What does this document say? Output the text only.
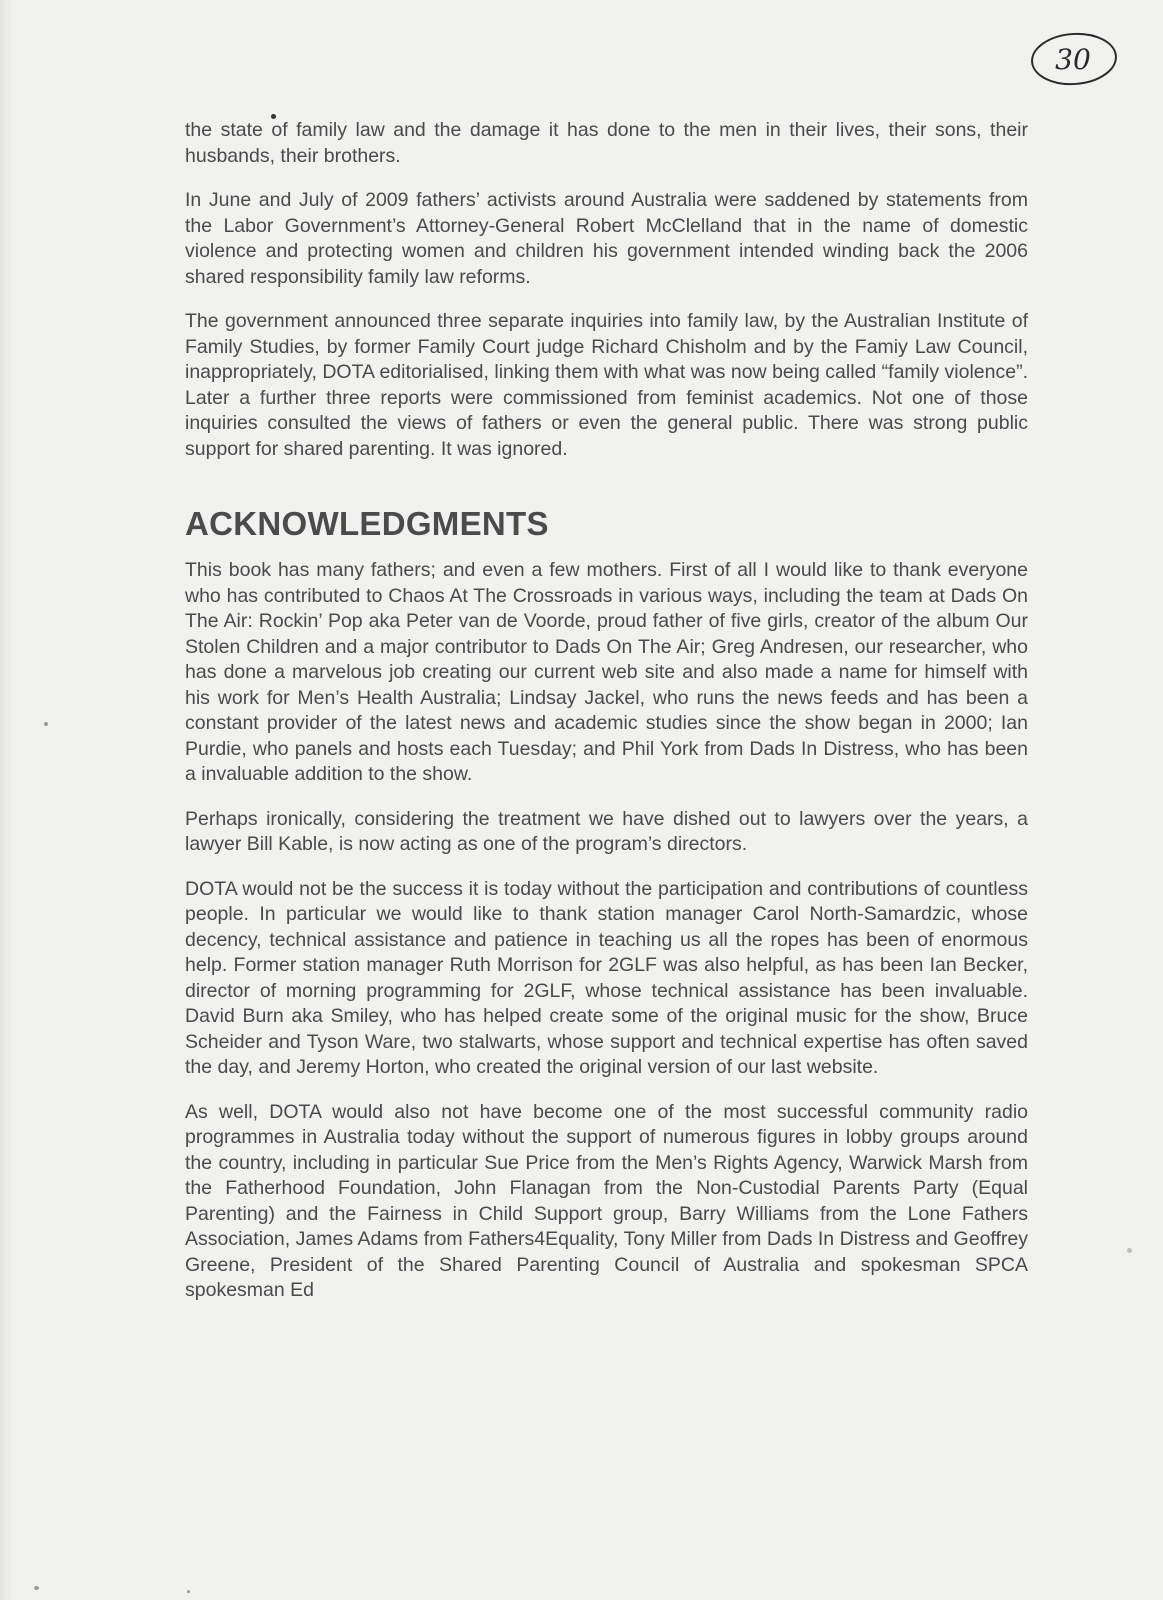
30

the state of family law and the damage it has done to the men in their lives, their sons, their husbands, their brothers.

In June and July of 2009 fathers’ activists around Australia were saddened by statements from the Labor Government’s Attorney-General Robert McClelland that in the name of domestic violence and protecting women and children his government intended winding back the 2006 shared responsibility family law reforms.

The government announced three separate inquiries into family law, by the Australian Institute of Family Studies, by former Family Court judge Richard Chisholm and by the Famiy Law Council, inappropriately, DOTA editorialised, linking them with what was now being called “family violence”. Later a further three reports were commissioned from feminist academics. Not one of those inquiries consulted the views of fathers or even the general public. There was strong public support for shared parenting. It was ignored.

ACKNOWLEDGMENTS

This book has many fathers; and even a few mothers. First of all I would like to thank everyone who has contributed to Chaos At The Crossroads in various ways, including the team at Dads On The Air: Rockin’ Pop aka Peter van de Voorde, proud father of five girls, creator of the album Our Stolen Children and a major contributor to Dads On The Air; Greg Andresen, our researcher, who has done a marvelous job creating our current web site and also made a name for himself with his work for Men’s Health Australia; Lindsay Jackel, who runs the news feeds and has been a constant provider of the latest news and academic studies since the show began in 2000; Ian Purdie, who panels and hosts each Tuesday; and Phil York from Dads In Distress, who has been a invaluable addition to the show.

Perhaps ironically, considering the treatment we have dished out to lawyers over the years, a lawyer Bill Kable, is now acting as one of the program’s directors.

DOTA would not be the success it is today without the participation and contributions of countless people. In particular we would like to thank station manager Carol North-Samardzic, whose decency, technical assistance and patience in teaching us all the ropes has been of enormous help. Former station manager Ruth Morrison for 2GLF was also helpful, as has been Ian Becker, director of morning programming for 2GLF, whose technical assistance has been invaluable. David Burn aka Smiley, who has helped create some of the original music for the show, Bruce Scheider and Tyson Ware, two stalwarts, whose support and technical expertise has often saved the day, and Jeremy Horton, who created the original version of our last website.

As well, DOTA would also not have become one of the most successful community radio programmes in Australia today without the support of numerous figures in lobby groups around the country, including in particular Sue Price from the Men’s Rights Agency, Warwick Marsh from the Fatherhood Foundation, John Flanagan from the Non-Custodial Parents Party (Equal Parenting) and the Fairness in Child Support group, Barry Williams from the Lone Fathers Association, James Adams from Fathers4Equality, Tony Miller from Dads In Distress and Geoffrey Greene, President of the Shared Parenting Council of Australia and spokesman SPCA spokesman Ed
